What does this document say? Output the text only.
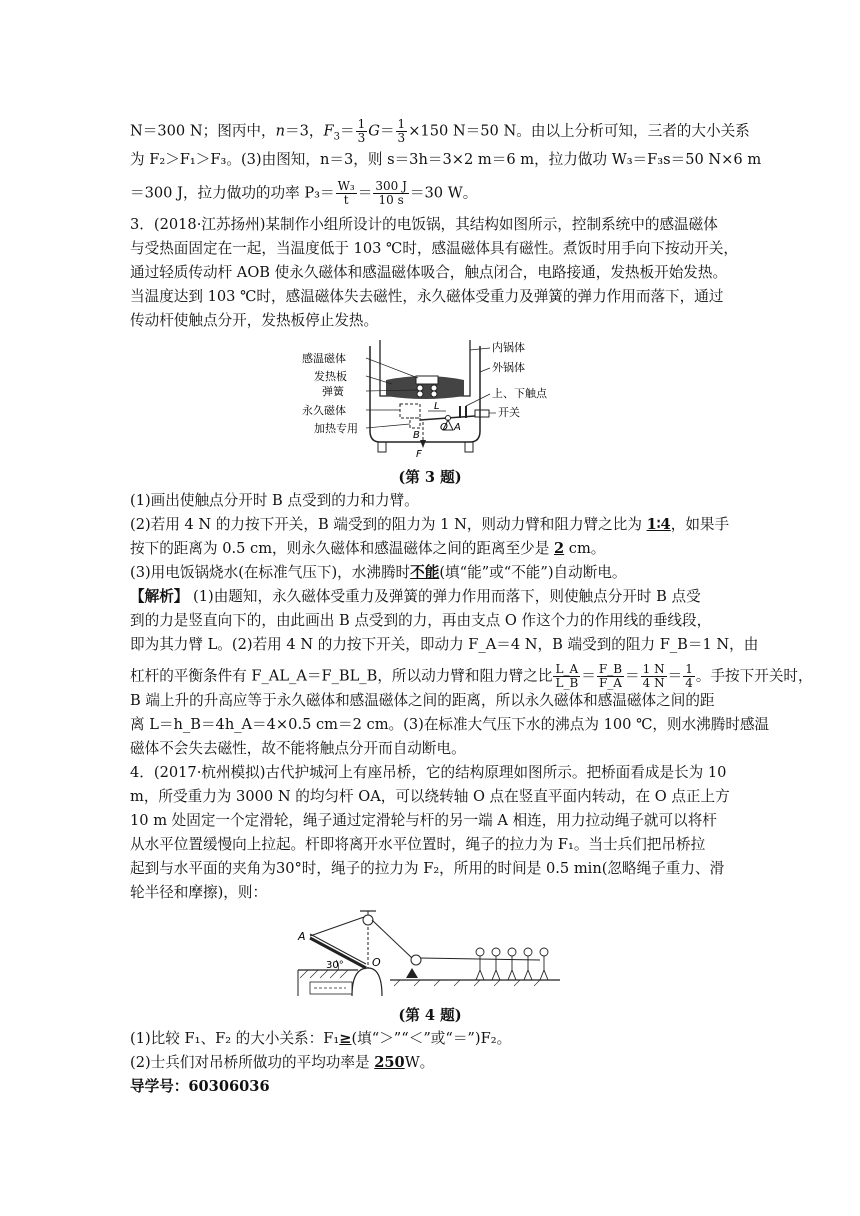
N＝300 N；图丙中，n＝3，$F_3= \frac{1}{3} G= \frac{1}{3} \times 150$ N＝50 N。由以上分析可知，三者的大小关系
为 F₂＞F₁＞F₃。(3)由图知，n＝3，则 s＝3h＝3×2 m＝6 m，拉力做功 W₃＝F₃s＝50 N×6 m
＝300 J，拉力做功的功率 $P_3= \frac{\text{W₃}}{t} = \frac{300 J}{10 s} =30$ W。
3．(2018·江苏扬州)某制作小组所设计的电饭锅，其结构如图所示，控制系统中的感温磁体
与受热面固定在一起，当温度低于 103 ℃时，感温磁体具有磁性。煮饭时用手向下按动开关，
通过轻质传动杆 AOB 使永久磁体和感温磁体吸合，触点闭合，电路接通，发热板开始发热。
当温度达到 103 ℃时，感温磁体失去磁性，永久磁体受重力及弹簧的弹力作用而落下，通过
传动杆使触点分开，发热板停止发热。
感温磁体
发热板
弹簧
永久磁体
加热专用
内锅体
外锅体
上、下触点
开关
L
O A
B
F
(第 3 题)
(1)画出使触点分开时 B 点受到的力和力臂。
(2)若用 4 N 的力按下开关，B 端受到的阻力为 1 N，则动力臂和阻力臂之比为 1∶4，如果手
按下的距离为 0.5 cm，则永久磁体和感温磁体之间的距离至少是 2 cm。
(3)用电饭锅烧水(在标准气压下)，水沸腾时不能(填“能”或“不能”)自动断电。
【解析】 (1)由题知，永久磁体受重力及弹簧的弹力作用而落下，则使触点分开时 B 点受
到的力是竖直向下的，由此画出 B 点受到的力，再由支点 O 作这个力的作用线的垂线段，
即为其力臂 L。(2)若用 4 N 的力按下开关，即动力 F_A＝4 N，B 端受到的阻力 F_B＝1 N，由
杠杆的平衡条件有 F_AL_A＝F_BL_B，所以动力臂和阻力臂之比 $\frac{L\_A}{L\_B} = \frac{F\_B}{F\_A} = \frac{1 N}{4 N} = \frac{1}{4}$ 。手按下开关时，
B 端上升的升高应等于永久磁体和感温磁体之间的距离，所以永久磁体和感温磁体之间的距
离 L＝h_B＝4h_A＝4×0.5 cm＝2 cm。(3)在标准大气压下水的沸点为 100 ℃，则水沸腾时感温
磁体不会失去磁性，故不能将触点分开而自动断电。
4．(2017·杭州模拟)古代护城河上有座吊桥，它的结构原理如图所示。把桥面看成是长为 10
m，所受重力为 3000 N 的均匀杆 OA，可以绕转轴 O 点在竖直平面内转动，在 O 点正上方
10 m 处固定一个定滑轮，绳子通过定滑轮与杆的另一端 A 相连，用力拉动绳子就可以将杆
从水平位置缓慢向上拉起。杆即将离开水平位置时，绳子的拉力为 F₁。当士兵们把吊桥拉
起到与水平面的夹角为30°时，绳子的拉力为 F₂，所用的时间是 0.5 min(忽略绳子重力、滑
轮半径和摩擦)，则：
A
30°	O
(第 4 题)
(1)比较 F₁、F₂ 的大小关系：F₁≥(填“＞”“＜”或“＝”)F₂。
(2)士兵们对吊桥所做功的平均功率是 250W。
导学号：60306036
